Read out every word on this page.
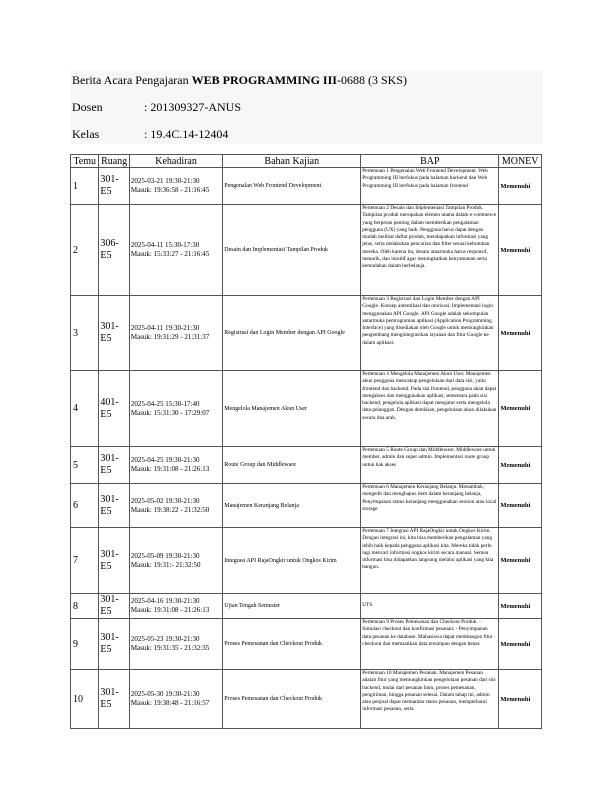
Berita Acara Pengajaran WEB PROGRAMMING III-0688 (3 SKS)
Dosen	: 201309327-ANUS
Kelas	: 19.4C.14-12404
Temu	Ruang	Kehadiran	Bahan Kajian	BAP	MONEV
1	301-E5	2025-03-21 19:30-21:30
Masuk: 19:36:58 - 21:16:45	Pengenalan Web Frontend Development	Pertemuan 1 Pengenalan Web Frontend Development. Web Programming III berfokus pada halaman backend dan Web Programming III berfokus pada halaman frontend	Memenuhi
2	306-E5	2025-04-11 15:30-17:30
Masuk: 15:33:27 - 21:16:45	Desain dan Implementasi Tampilan Produk	Pertemuan 2 Desain dan Implementasi Tampilan Produk. Tampilan produk merupakan elemen utama dalam e-commerce yang berperan penting dalam memberikan pengalaman pengguna (UX) yang baik. Pengguna harus dapat dengan mudah melihat daftar produk, mendapatkan informasi yang jelas, serta melakukan pencarian dan filter sesuai kebutuhan mereka. Oleh karena itu, desain antarmuka harus responsif, menarik, dan intuitif agar meningkatkan kenyamanan serta kemudahan dalam berbelanja.	Memenuhi
3	301-E5	2025-04-11 19:30-21:30
Masuk: 19:31:29 - 21:31:37	Registrasi dan Login Member dengan API Google	Pertemuan 3 Registrasi dan Login Member dengan API Google. Konsep autentikasi dan otorisasi, Implementasi login menggunakan API Google. API Google adalah sekumpulan antarmuka pemrograman aplikasi (Application Programming Interface) yang disediakan oleh Google untuk memungkinkan pengembang mengintegrasikan layanan dan fitur Google ke dalam aplikasi.	Memenuhi
4	401-E5	2025-04-25 15:30-17:40
Masuk: 15:31:30 - 17:29:07	Mengelola Manajemen Akun User	Pertemuan 4 Mengelola Manajemen Akun User. Manajemen akun pengguna mencakup pengelolaan dari data sisi, yaitu frontend dan backend. Pada sisi frontend, pengguna akan dapat mengakses dan menggunakan aplikasi, sementara pada sisi backend, pengelola aplikasi dapat mengatur serta mengelola data pelanggan. Dengan demikian, pengelolaan akun dilakukan secara dua arah.	Memenuhi
5	301-E5	2025-04-25 19:30-21:30
Masuk: 19:31:08 - 21:26:13	Route Group dan Middleware	Pertemuan 5 Route Group dan Middleware. Middleware untuk member, admin dan super admin. Implementasi route group untuk hak akses	Memenuhi
6	301-E5	2025-05-02 19:30-21:30
Masuk: 19:38:22 - 21:32:50	Manajemen Keranjang Belanja	Pertemuan 6 Manajemen Keranjang Belanja. Menambah, mengedit dan menghapus item dalam keranjang belanja, Penyimpanan status keranjang menggunakan session atau local storage	Memenuhi
7	301-E5	2025-05-09 19:30-21:30
Masuk: 19:31:- 21:32:50	Integrasi API RajaOngkir untuk Ongkos Kirim	Pertemuan 7 Integrasi API RajaOngkir untuk Ongkos Kirim. Dengan integrasi ini, kita bisa memberikan pengalaman yang lebih baik kepada pengguna aplikasi kita. Mereka tidak perlu lagi mencari informasi ongkos kirim secara manual. Semua informasi bisa didapatkan langsung melalui aplikasi yang kita bangun.	Memenuhi
8	301-E5	2025-04-16 19:30-21:30
Masuk: 19:31:08 - 21:26:13	Ujian Tengah Semester	UTS	Memenuhi
9	301-E5	2025-05-23 19:30-21:30
Masuk: 19:31:35 - 21:32:35	Proses Pemesanan dan Checkout Produk	Pertemuan 9 Proses Pemesanan dan Checkout Produk. - Simulasi checkout dan konfirmasi pesanan; - Penyimpanan data pesanan ke database. Mahasiswa dapat membangun fitur checkout dan memastikan data tersimpan dengan benar.	Memenuhi
10	301-E5	2025-05-30 19:30-21:30
Masuk: 19:38:48 - 21:16:57	Proses Pemesanan dan Checkout Produk	Pertemuan 10 Manajemen Pesanan. Manajemen Pesanan adalah fitur yang memungkinkan pengelolaan pesanan dari sisi backend, mulai dari pesanan baru, proses pemesanan, pengiriman, hingga pesanan selesai. Dalam tahap ini, admin atau penjual dapat memantau status pesanan, memperbarui informasi pesanan, serta	Memenuhi
